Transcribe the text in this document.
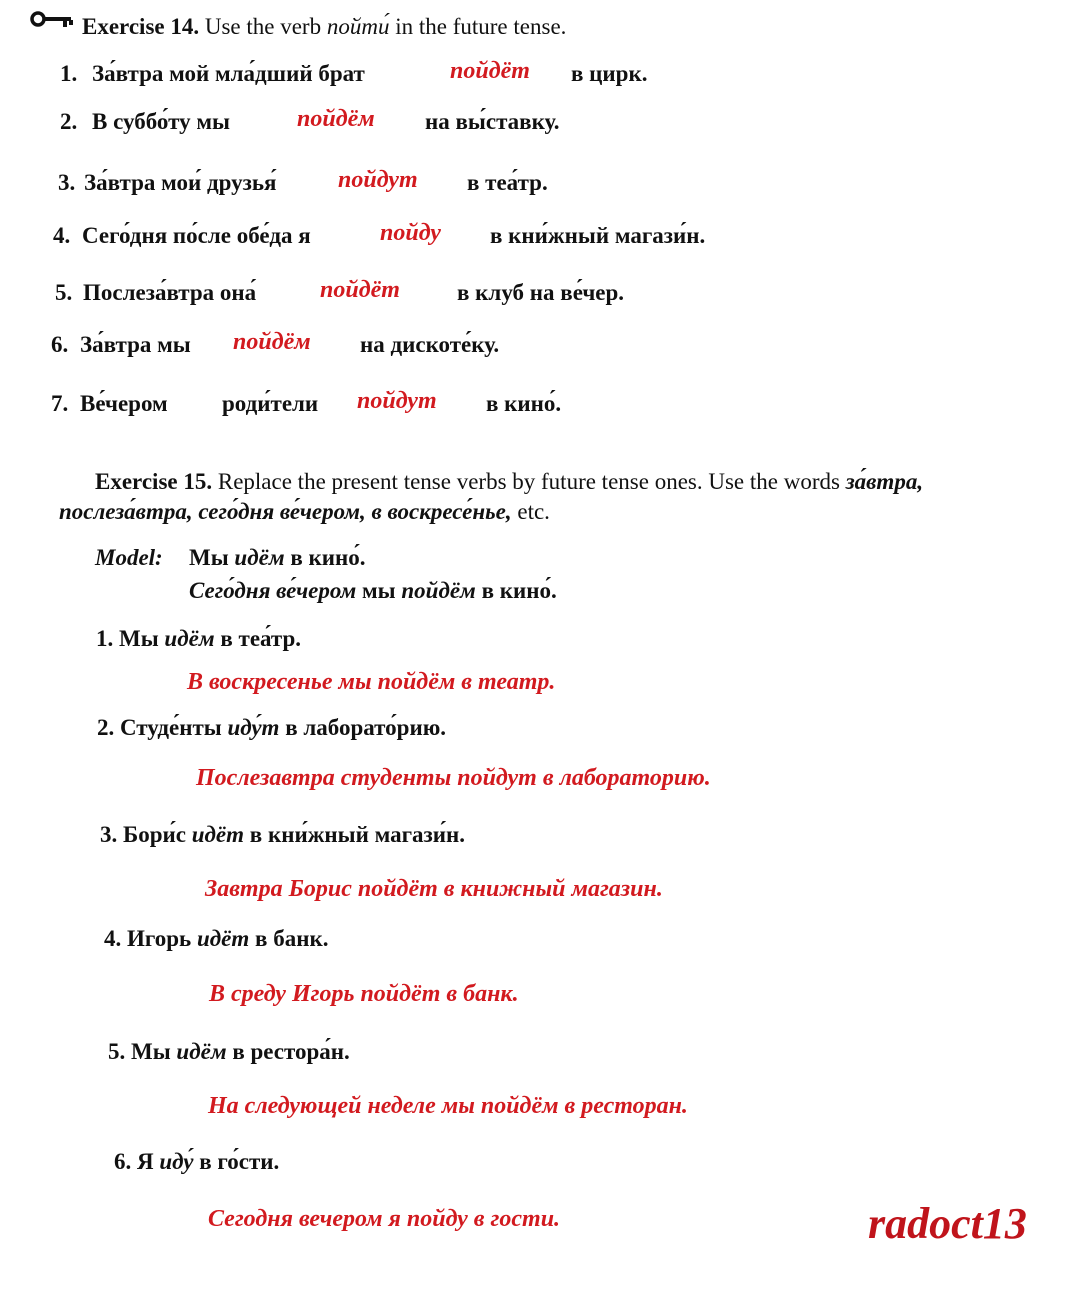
Exercise 14. Use the verb пойти́ in the future tense.
1. За́втра мой мла́дший брат	пойдёт в цирк.
2. В суббо́ту мы	пойдём на вы́ставку.
3. За́втра мои́ друзья́	пойдут в теа́тр.
4. Сего́дня по́сле обе́да я	пойду в кни́жный магази́н.
5. Послеза́втра она́	пойдёт в клуб на ве́чер.
6. За́втра мы пойдём на дискоте́ку.
7. Ве́чером роди́тели пойдут в кино́.
Exercise 15. Replace the present tense verbs by future tense ones. Use the words за́втра,
послеза́втра, сего́дня ве́чером, в воскресе́нье, etc.
Model: Мы идём в кино́.
Сего́дня ве́чером мы пойдём в кино́.
1. Мы идём в теа́тр.
В воскресенье мы пойдём в театр.
2. Студе́нты иду́т в лаборато́рию.
Послезавтра студенты пойдут в лабораторию.
3. Бори́с идёт в кни́жный магази́н.
Завтра Борис пойдёт в книжный магазин.
4. Игорь идёт в банк.
В среду Игорь пойдёт в банк.
5. Мы идём в рестора́н.
На следующей неделе мы пойдём в ресторан.
6. Я иду́ в го́сти.
Сегодня вечером я пойду в гости.	radoct13
